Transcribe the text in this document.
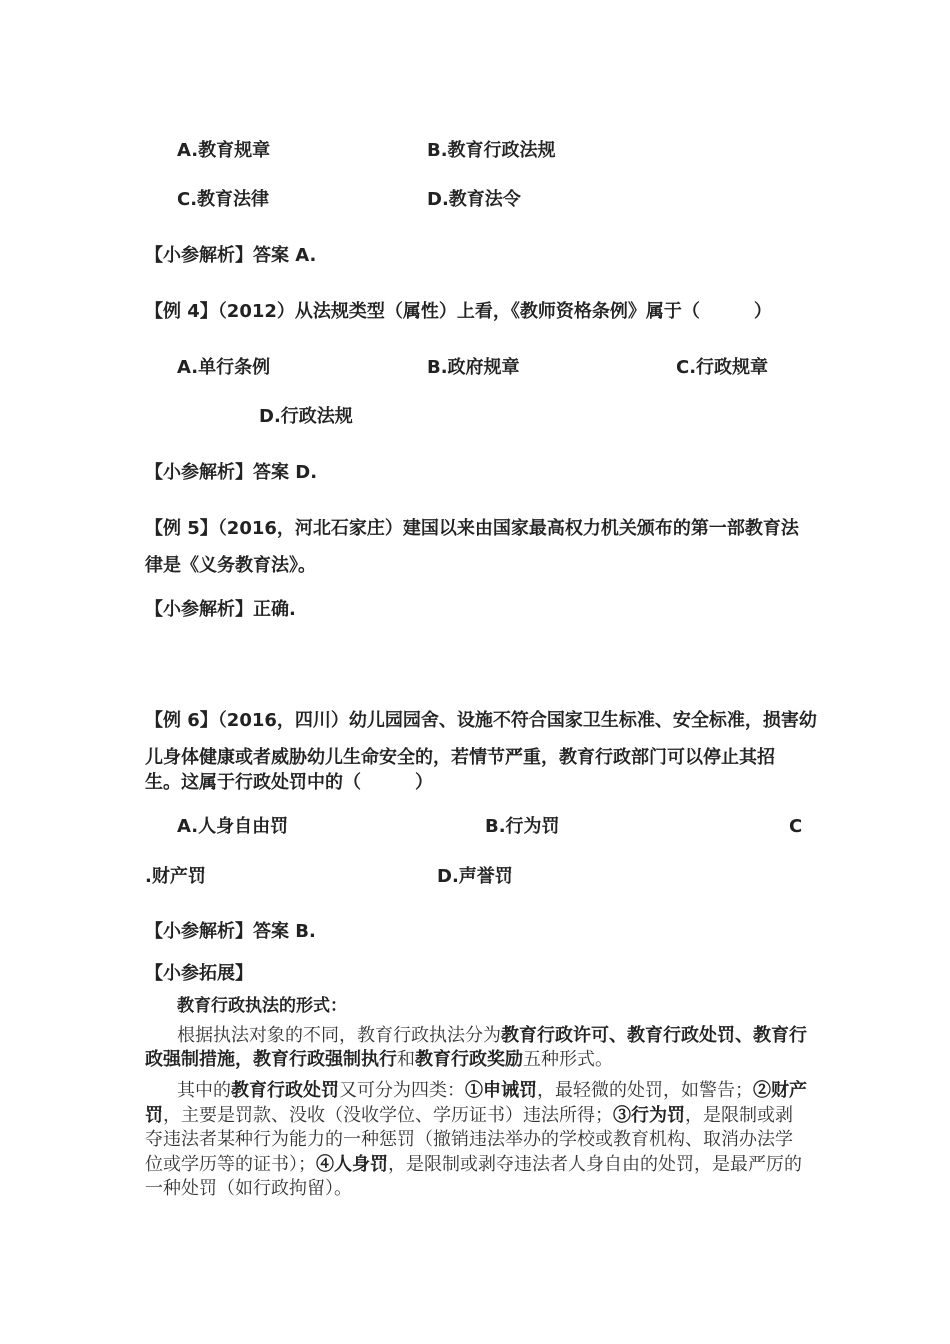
A.教育规章	B.教育行政法规
C.教育法律	D.教育法令
【小参解析】答案 A.
【例 4】（2012）从法规类型（属性）上看，《教师资格条例》属于（　　　）
A.单行条例	B.政府规章	C.行政规章
D.行政法规
【小参解析】答案 D.
【例 5】（2016，河北石家庄）建国以来由国家最高权力机关颁布的第一部教育法
律是《义务教育法》。
【小参解析】正确.
【例 6】（2016，四川）幼儿园园舍、设施不符合国家卫生标准、安全标准，损害幼
儿身体健康或者威胁幼儿生命安全的，若情节严重，教育行政部门可以停止其招
生。这属于行政处罚中的（　　　）
A.人身自由罚	B.行为罚	C
.财产罚	D.声誉罚
【小参解析】答案 B.
【小参拓展】
教育行政执法的形式：
根据执法对象的不同，教育行政执法分为教育行政许可、教育行政处罚、教育行政强制措施，教育行政强制执行和教育行政奖励五种形式。
其中的教育行政处罚又可分为四类：①申诫罚，最轻微的处罚，如警告；②财产罚，主要是罚款、没收（没收学位、学历证书）违法所得；③行为罚，是限制或剥夺违法者某种行为能力的一种惩罚（撤销违法举办的学校或教育机构、取消办法学位或学历等的证书）；④人身罚，是限制或剥夺违法者人身自由的处罚，是最严厉的一种处罚（如行政拘留）。
